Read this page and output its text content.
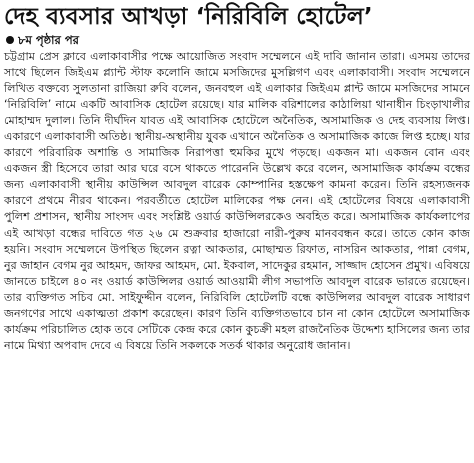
দেহ ব্যবসার আখড়া ‘নিরিবিলি হোটেল’
৮ম পৃষ্ঠার পর

চট্টগ্রাম প্রেস ক্লাবে এলাকাবাসীর পক্ষে আয়োজিত সংবাদ সম্মেলনে এই দাবি জানান তারা। এসময় তাদের সাথে ছিলেন জিইএম প্ল্যান্ট স্টাফ কলোনি জামে মসজিদের মুসল্লিগণ এবং এলাকাবাসী। সংবাদ সম্মেলনে লিখিত বক্তব্যে সুলতানা রাজিয়া রুবি বলেন, জনবহুল এই এলাকার জিইএম প্লান্ট জামে মসজিদের সামনে ‘নিরিবিলি’ নামে একটি আবাসিক হোটেল রয়েছে। যার মালিক বরিশালের কাঠালিয়া থানাধীন চিংড়াখালীর মোহাম্মদ দুলাল। তিনি দীর্ঘদিন যাবত এই আবাসিক হোটেলে অনৈতিক, অসামাজিক ও দেহ ব্যবসায় লিপ্ত। একারণে এলাকাবাসী অতিষ্ঠ। স্থানীয়-অস্থানীয় যুবক এখানে অনৈতিক ও অসামাজিক কাজে লিপ্ত হচ্ছে। যার কারণে পরিবারিক অশান্তি ও সামাজিক নিরাপত্তা হুমকির মুখে পড়ছে। একজন মা। একজন বোন এবং একজন স্ত্রী হিসেবে তারা আর ঘরে বসে থাকতে পারেননি উল্লেখ করে বলেন, অসামাজিক কার্যক্রম বন্ধের জন্য এলাকাবাসী স্থানীয় কাউন্সিল আবদুল বারেক কোম্পানির হস্তক্ষেপ কামনা করেন। তিনি রহস্যজনক কারণে প্রথমে নীরব থাকেন। পরবর্তীতে হোটেল মালিকের পক্ষ নেন। এই হোটেলের বিষয়ে এলাকাবাসী পুলিশ প্রশাসন, স্থানীয় সাংসদ এবং সংশ্লিষ্ট ওয়ার্ড কাউন্সিলরকেও অবহিত করে। অসামাজিক কার্যকলাপের এই আখড়া বন্ধের দাবিতে গত ২৬ মে শুক্রবার হাজারো নারী-পুরুষ মানববন্ধন করে। তাতে কোন কাজ হয়নি। সংবাদ সম্মেলনে উপস্থিত ছিলেন রত্না আকতার, মোছাম্মত রিফাত, নাসরিন আকতার, পান্না বেগম, নুর জাহান বেগম নুর আহমদ, জাফর আহমদ, মো. ইকবাল, সাদেকুর রহমান, সাজ্জাদ হোসেন প্রমুখ। এবিষয়ে জানতে চাইলে ৪০ নং ওয়ার্ড কাউন্সিলর ওয়ার্ড আওয়ামী লীগ সভাপতি আবদুল বারেক ভারতে রয়েছেন। তার ব্যক্তিগত সচিব মো. সাইফুদ্দীন বলেন, নিরিবিলি হোটেলটি বন্ধে কাউন্সিলর আবদুল বারেক সাধারণ জনগণের সাথে একাত্মতা প্রকাশ করেছেন। কারণ তিনি ব্যক্তিগতভাবে চান না কোন হোটেলে অসামাজিক কার্যক্রম পরিচালিত হোক তবে সেটিকে কেন্দ্র করে কোন কুচক্রী মহল রাজনৈতিক উদ্দেশ্য হাসিলের জন্য তার নামে মিথ্যা অপবাদ দেবে এ বিষয়ে তিনি সকলকে সতর্ক থাকার অনুরোধ জানান।
